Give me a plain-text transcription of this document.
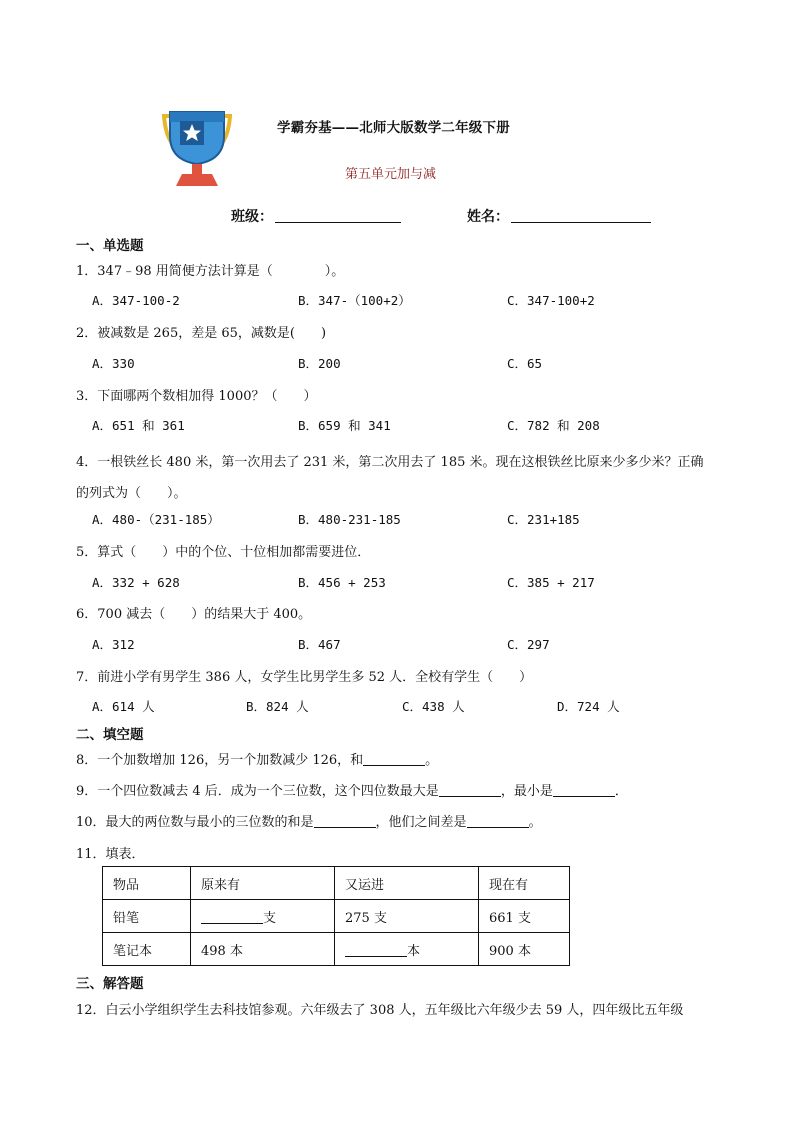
学霸夯基——北师大版数学二年级下册
第五单元加与减
班级：	姓名：
一、单选题
1．347﹣98 用简便方法计算是（　　　　）。
A．347-100-2	B．347-（100+2）	C．347-100+2
2．被减数是 265，差是 65，减数是(　　)
A．330	B．200	C．65
3．下面哪两个数相加得 1000？（　　）
A．651 和 361	B．659 和 341	C．782 和 208
4．一根铁丝长 480 米，第一次用去了 231 米，第二次用去了 185 米。现在这根铁丝比原来少多少米？正确的列式为（　　）。
A．480-（231-185）	B．480-231-185	C．231+185
5．算式（　　）中的个位、十位相加都需要进位．
A．332 + 628	B．456 + 253	C．385 + 217
6．700 减去（　　）的结果大于 400。
A．312	B．467	C．297
7．前进小学有男学生 386 人，女学生比男学生多 52 人．全校有学生（　　）
A．614 人	B．824 人	C．438 人	D．724 人
二、填空题
8．一个加数增加 126，另一个加数减少 126，和	。
9．一个四位数减去 4 后．成为一个三位数，这个四位数最大是	，最小是	．
10．最大的两位数与最小的三位数的和是	，他们之间差是	。
11．填表．
物品	原来有	又运进	现在有
铅笔	支	275 支	661 支
笔记本	498 本	本	900 本
三、解答题
12．白云小学组织学生去科技馆参观。六年级去了 308 人，五年级比六年级少去 59 人，四年级比五年级
